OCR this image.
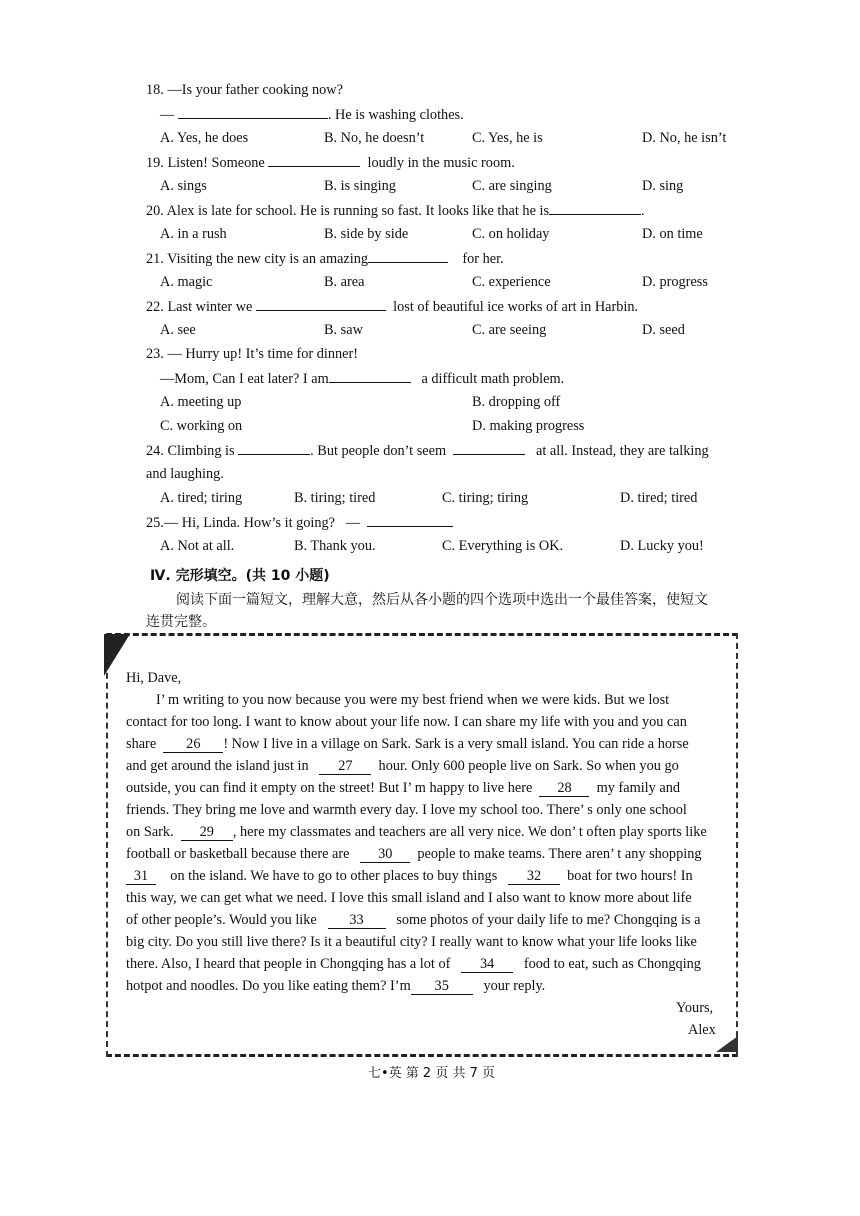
18. —Is your father cooking now?
—	. He is washing clothes.
A. Yes, he does	B. No, he doesn’t	C. Yes, he is	D. No, he isn’t
19. Listen! Someone	loudly in the music room.
A. sings	B. is singing	C. are singing	D. sing
20. Alex is late for school. He is running so fast. It looks like that he is	.
A. in a rush	B. side by side	C. on holiday	D. on time
21. Visiting the new city is an amazing	for her.
A. magic	B. area	C. experience	D. progress
22. Last winter we	lost of beautiful ice works of art in Harbin.
A. see	B. saw	C. are seeing	D. seed
23. — Hurry up! It’s time for dinner!
—Mom, Can I eat later? I am	a difficult math problem.
A. meeting up	B. dropping off
C. working on	D. making progress
24. Climbing is	. But people don’t seem	at all. Instead, they are talking
and laughing.
A. tired; tiring	B. tiring; tired	C. tiring; tiring	D. tired; tired
25.— Hi, Linda. How’s it going? —
A. Not at all.	B. Thank you.	C. Everything is OK.	D. Lucky you!
Ⅳ. 完形填空。(共 10 小题)
阅读下面一篇短文，理解大意，然后从各小题的四个选项中选出一个最佳答案，使短文
连贯完整。
Hi, Dave,
I’ m writing to you now because you were my best friend when we were kids. But we lost
contact for too long. I want to know about your life now. I can share my life with you and you can
share 26 ! Now I live in a village on Sark. Sark is a very small island. You can ride a horse
and get around the island just in 27 hour. Only 600 people live on Sark. So when you go
outside, you can find it empty on the street! But I’ m happy to live here 28 my family and
friends. They bring me love and warmth every day. I love my school too. There’ s only one school
on Sark. 29 , here my classmates and teachers are all very nice. We don’ t often play sports like
football or basketball because there are 30 people to make teams. There aren’ t any shopping
31 on the island. We have to go to other places to buy things 32 boat for two hours! In
this way, we can get what we need. I love this small island and I also want to know more about life
of other people’s. Would you like 33 some photos of your daily life to me? Chongqing is a
big city. Do you still live there? Is it a beautiful city? I really want to know what your life looks like
there. Also, I heard that people in Chongqing has a lot of 34 food to eat, such as Chongqing
hotpot and noodles. Do you like eating them? I’m 35 your reply.
Yours,
Alex
七•英 第 2 页 共 7 页
